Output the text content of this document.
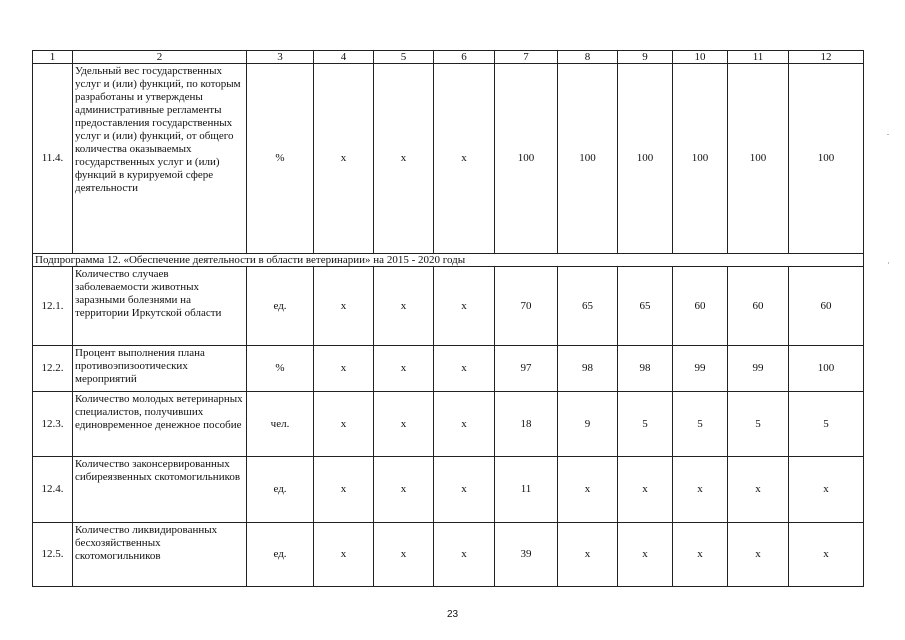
1	2	3	4	5	6	7	8	9	10	11	12
11.4.	Удельный вес государственных услуг и (или) функций, по которым разработаны и утверждены административные регламенты предоставления государственных услуг и (или) функций, от общего количества оказываемых государственных услуг и (или) функций в курируемой сфере деятельности	%	x	x	x	100	100	100	100	100	100
Подпрограмма 12. «Обеспечение деятельности в области ветеринарии» на 2015 - 2020 годы											
12.1.	Количество случаев заболеваемости животных заразными болезнями на территории Иркутской области	ед.	x	x	x	70	65	65	60	60	60
12.2.	Процент выполнения плана противоэпизоотических мероприятий	%	x	x	x	97	98	98	99	99	100
12.3.	Количество молодых ветеринарных специалистов, получивших единовременное денежное пособие	чел.	x	x	x	18	9	5	5	5	5
12.4.	Количество законсервированных сибиреязвенных скотомогильников	ед.	x	x	x	11	x	x	x	x	x
12.5.	Количество ликвидированных бесхозяйственных скотомогильников	ед.	x	x	x	39	x	x	x	x	x
23
